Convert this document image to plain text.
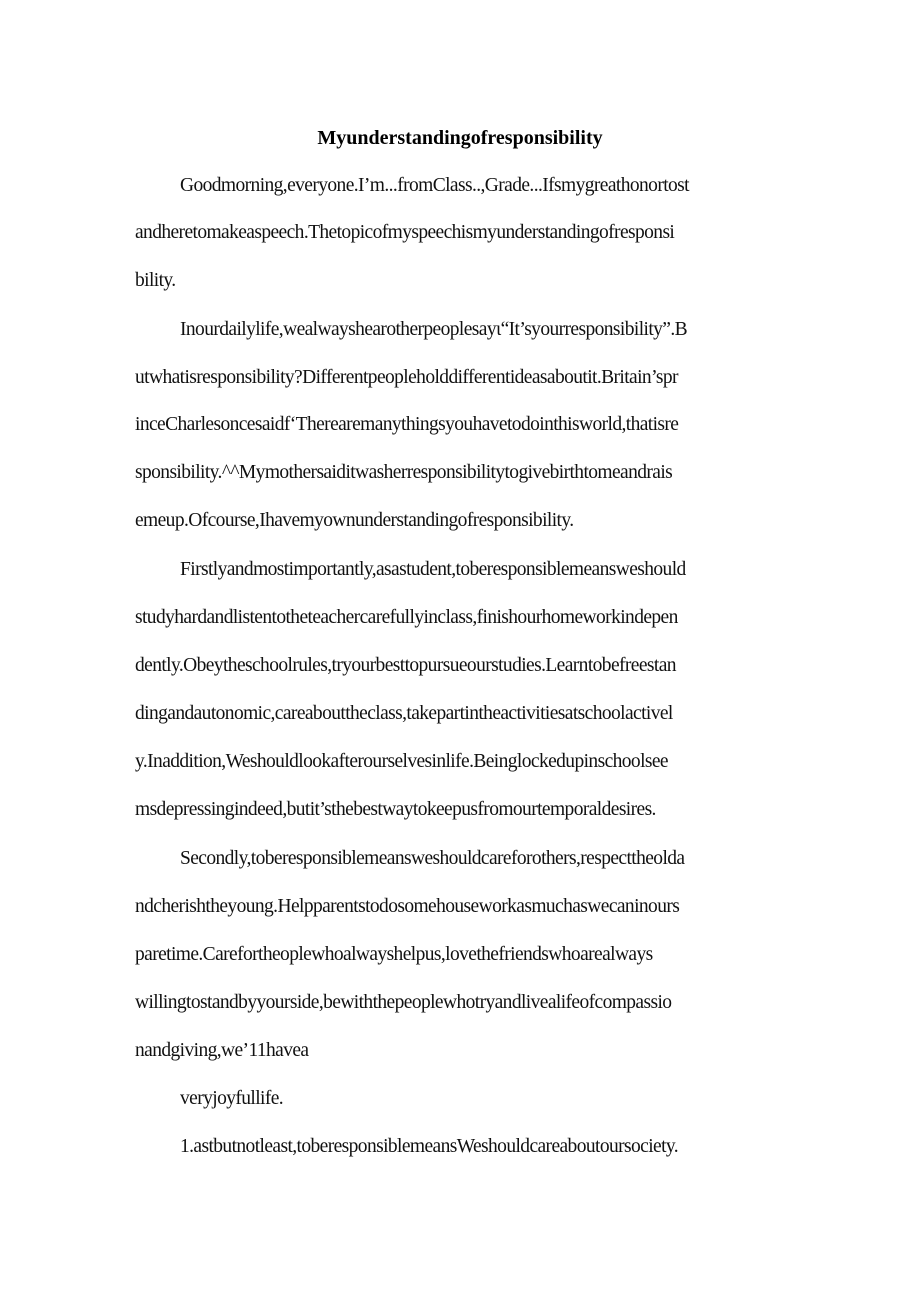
Myunderstandingofresponsibility
Goodmorning,everyone.I’m...fromClass..,Grade...Ifsmygreathonortost
andheretomakeaspeech.Thetopicofmyspeechismyunderstandingofresponsi
bility.
Inourdailylife,wealwayshearotherpeoplesayι“It’syourresponsibility”.B
utwhatisresponsibility?Differentpeopleholddifferentideasaboutit.Britain’spr
inceCharlesoncesaidf‘Therearemanythingsyouhavetodointhisworld,thatisre
sponsibility.^^Mymothersaiditwasherresponsibilitytogivebirthtomeandrais
emeup.Ofcourse,Ihavemyownunderstandingofresponsibility.
Firstlyandmostimportantly,asastudent,toberesponsiblemeansweshould
studyhardandlistentotheteachercarefullyinclass,finishourhomeworkindepen
dently.Obeytheschoolrules,tryourbesttopursueourstudies.Learntobefreestan
dingandautonomic,careabouttheclass,takepartintheactivitiesatschoolactivel
y.Inaddition,Weshouldlookafterourselvesinlife.Beinglockedupinschoolsee
msdepressingindeed,butit’sthebestwaytokeepusfromourtemporaldesires.
Secondly,toberesponsiblemeansweshouldcareforothers,respecttheolda
ndcherishtheyoung.Helpparentstodosomehouseworkasmuchaswecaninours
paretime.Carefortheoplewhoalwayshelpus,lovethefriendswhoarealways
willingtostandbyyourside,bewiththepeoplewhotryandlivealifeofcompassio
nandgiving,we’11havea
veryjoyfullife.
1.astbutnotleast,toberesponsiblemeansWeshouldcareaboutoursociety.
